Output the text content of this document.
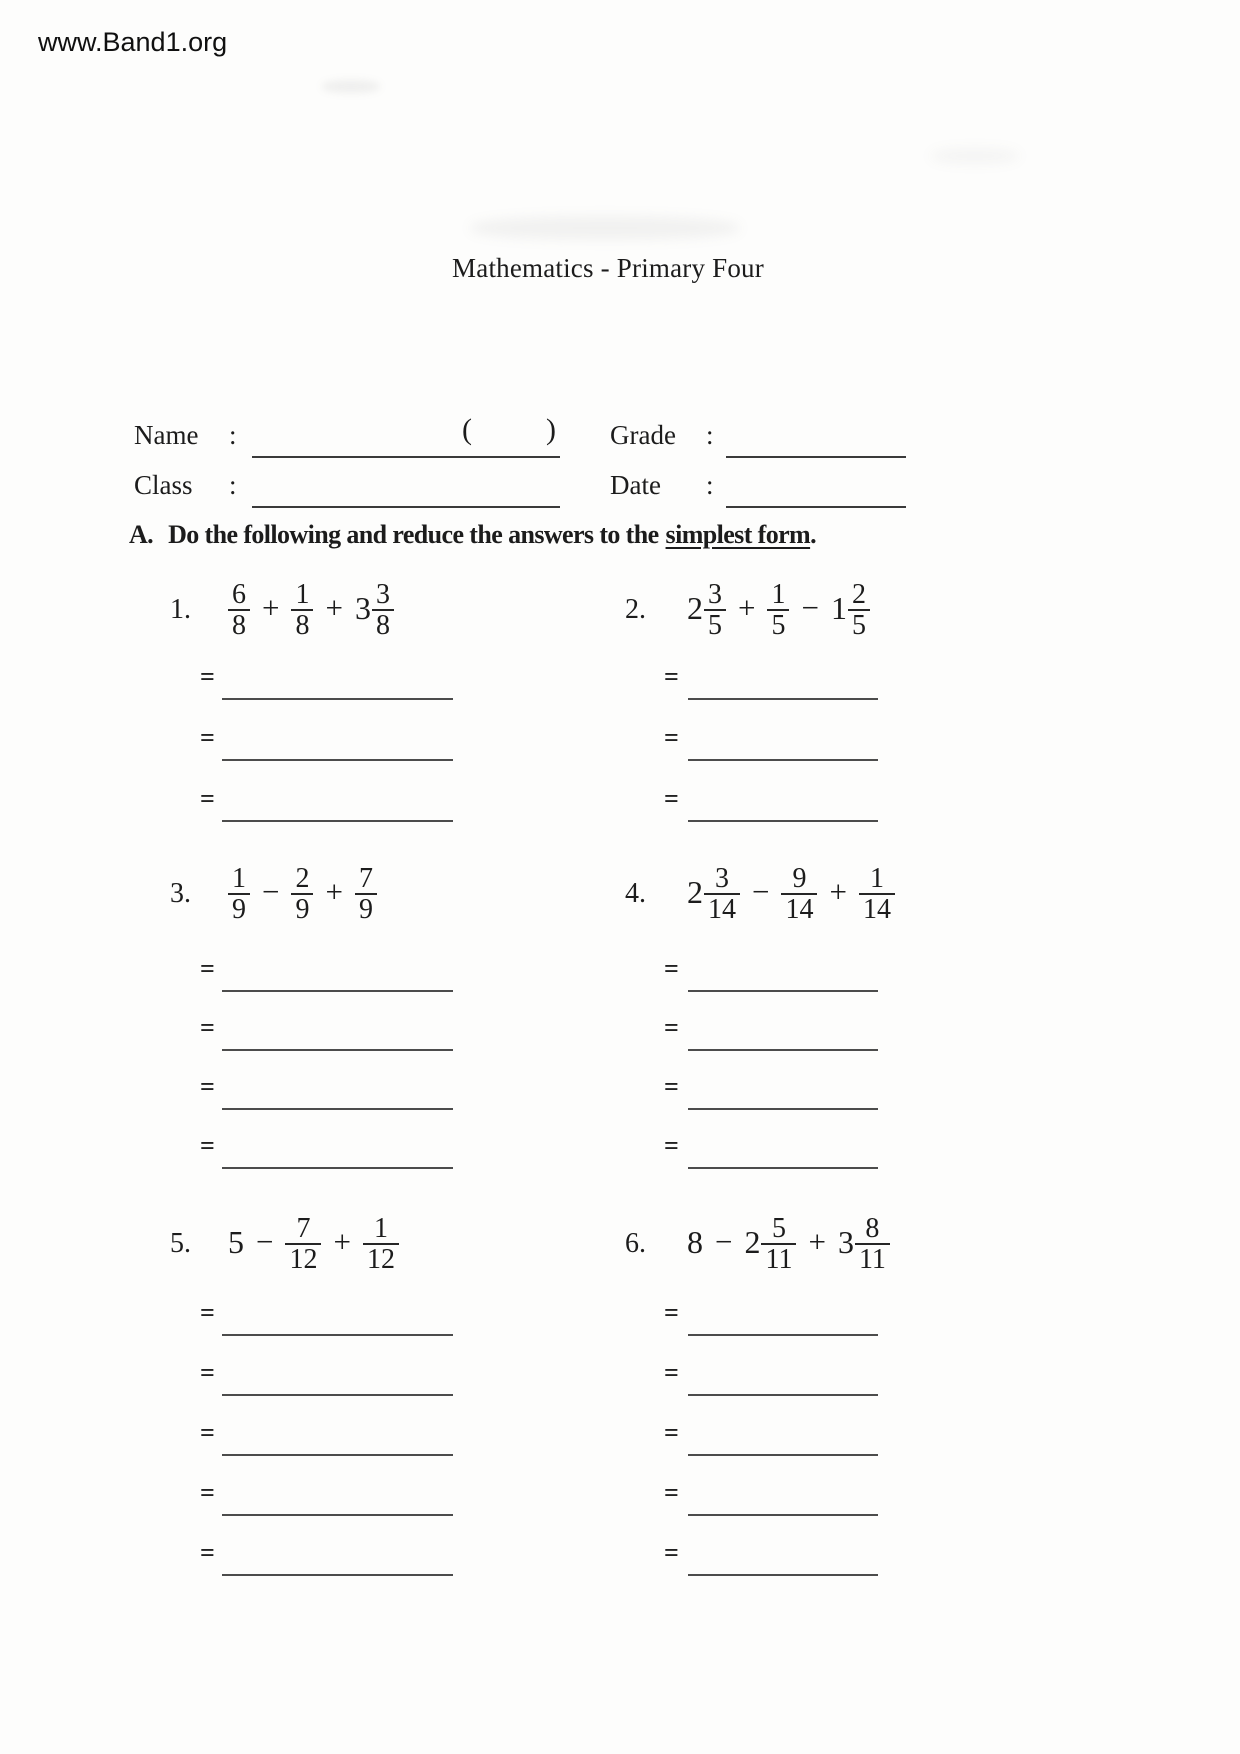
www.Band1.org
Mathematics - Primary Four
Name :	( ) Grade :
Class :	Date :
A. Do the following and reduce the answers to the simplest form.
1. $\frac{6}{8} + \frac{1}{8} + 3 \frac{3}{8}$
=
=
=
2. $2 \frac{3}{5} + \frac{1}{5} - 1 \frac{2}{5}$
=
=
=
3. $\frac{1}{9} - \frac{2}{9} + \frac{7}{9}$
=
=
=
=
4. $2 \frac{3}{14} - \frac{9}{14} + \frac{1}{14}$
=
=
=
=
5. $5 - \frac{7}{12} + \frac{1}{12}$
=
=
=
=
=
6. $8 - 2 \frac{5}{11} + 3 \frac{8}{11}$
=
=
=
=
=
